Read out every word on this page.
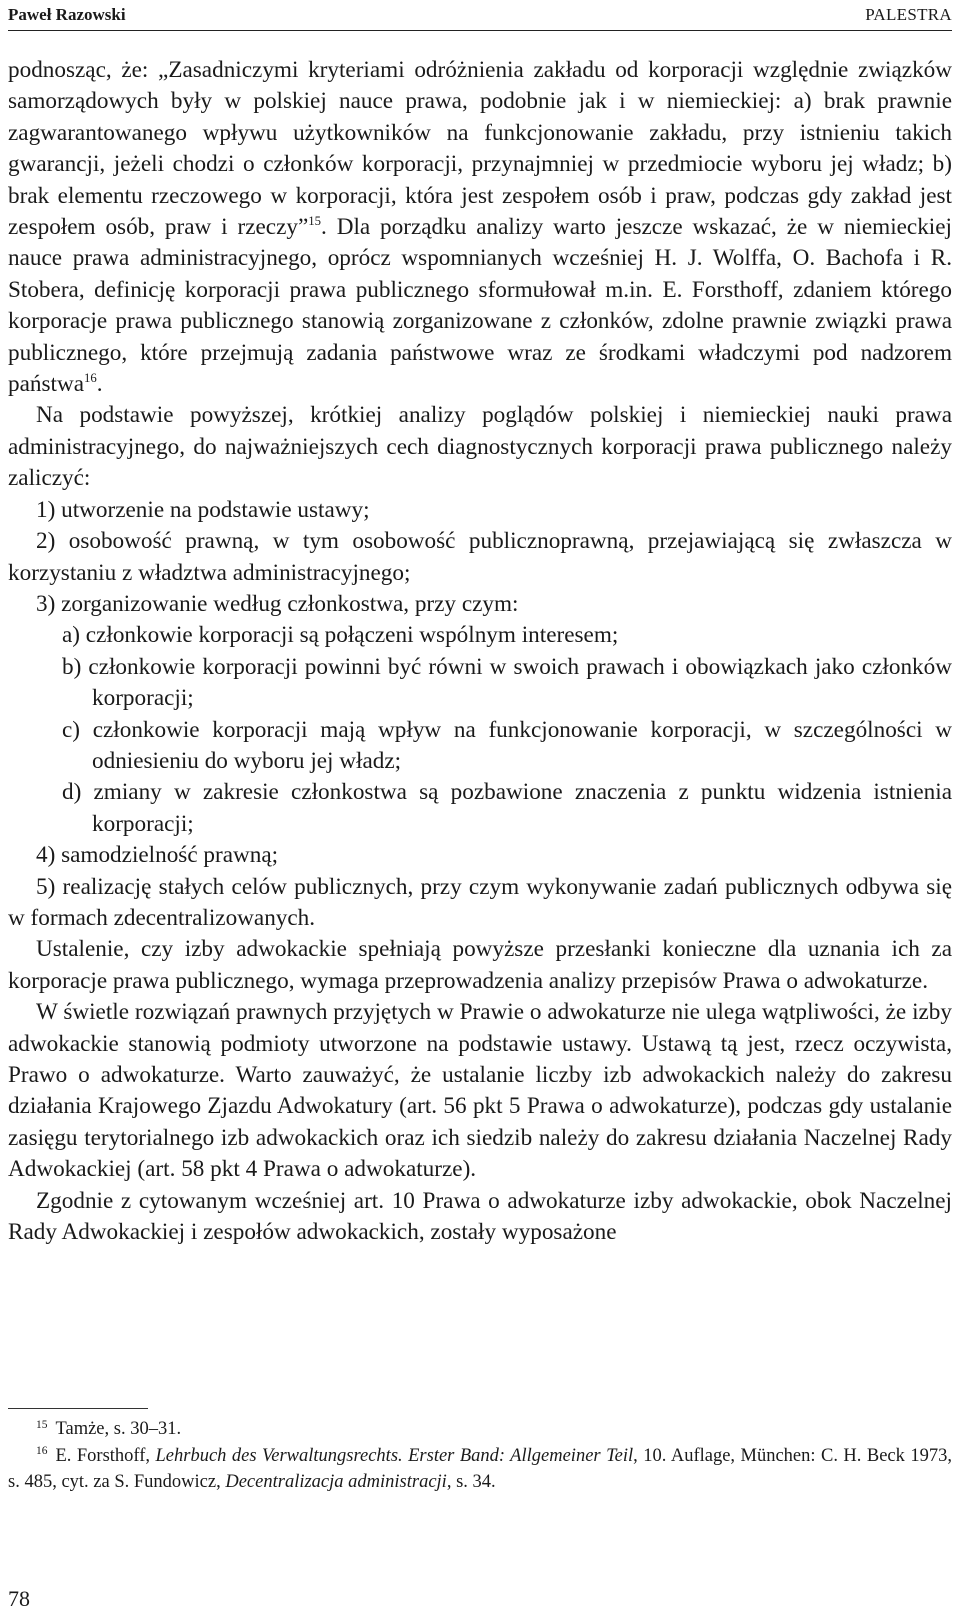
Paweł Razowski	PALESTRA

podnosząc, że: „Zasadniczymi kryteriami odróżnienia zakładu od korporacji względnie związków samorządowych były w polskiej nauce prawa, podobnie jak i w niemieckiej: a) brak prawnie zagwarantowanego wpływu użytkowników na funkcjonowanie zakładu, przy istnieniu takich gwarancji, jeżeli chodzi o członków korporacji, przynajmniej w przedmiocie wyboru jej władz; b) brak elementu rzeczowego w korporacji, która jest zespołem osób i praw, podczas gdy zakład jest zespołem osób, praw i rzeczy”$^{15}$. Dla porządku analizy warto jeszcze wskazać, że w niemieckiej nauce prawa administracyjnego, oprócz wspomnianych wcześniej H. J. Wolffa, O. Bachofa i R. Stobera, definicję korporacji prawa publicznego sformułował m.in. E. Forsthoff, zdaniem którego korporacje prawa publicznego stanowią zorganizowane z członków, zdolne prawnie związki prawa publicznego, które przejmują zadania państwowe wraz ze środkami władczymi pod nadzorem państwa$^{16}$.

Na podstawie powyższej, krótkiej analizy poglądów polskiej i niemieckiej nauki prawa administracyjnego, do najważniejszych cech diagnostycznych korporacji prawa publicznego należy zaliczyć:

1) utworzenie na podstawie ustawy;

2) osobowość prawną, w tym osobowość publicznoprawną, przejawiającą się zwłaszcza w korzystaniu z władztwa administracyjnego;

3) zorganizowanie według członkostwa, przy czym:

a) członkowie korporacji są połączeni wspólnym interesem;

b) członkowie korporacji powinni być równi w swoich prawach i obowiązkach jako członków korporacji;

c) członkowie korporacji mają wpływ na funkcjonowanie korporacji, w szczególności w odniesieniu do wyboru jej władz;

d) zmiany w zakresie członkostwa są pozbawione znaczenia z punktu widzenia istnienia korporacji;

4) samodzielność prawną;

5) realizację stałych celów publicznych, przy czym wykonywanie zadań publicznych odbywa się w formach zdecentralizowanych.

Ustalenie, czy izby adwokackie spełniają powyższe przesłanki konieczne dla uznania ich za korporacje prawa publicznego, wymaga przeprowadzenia analizy przepisów Prawa o adwokaturze.

W świetle rozwiązań prawnych przyjętych w Prawie o adwokaturze nie ulega wątpliwości, że izby adwokackie stanowią podmioty utworzone na podstawie ustawy. Ustawą tą jest, rzecz oczywista, Prawo o adwokaturze. Warto zauważyć, że ustalanie liczby izb adwokackich należy do zakresu działania Krajowego Zjazdu Adwokatury (art. 56 pkt 5 Prawa o adwokaturze), podczas gdy ustalanie zasięgu terytorialnego izb adwokackich oraz ich siedzib należy do zakresu działania Naczelnej Rady Adwokackiej (art. 58 pkt 4 Prawa o adwokaturze).

Zgodnie z cytowanym wcześniej art. 10 Prawa o adwokaturze izby adwokackie, obok Naczelnej Rady Adwokackiej i zespołów adwokackich, zostały wyposażone

$^{15}$ Tamże, s. 30–31.

$^{16}$ E. Forsthoff, Lehrbuch des Verwaltungsrechts. Erster Band: Allgemeiner Teil, 10. Auflage, München: C. H. Beck 1973, s. 485, cyt. za S. Fundowicz, Decentralizacja administracji, s. 34.

78
